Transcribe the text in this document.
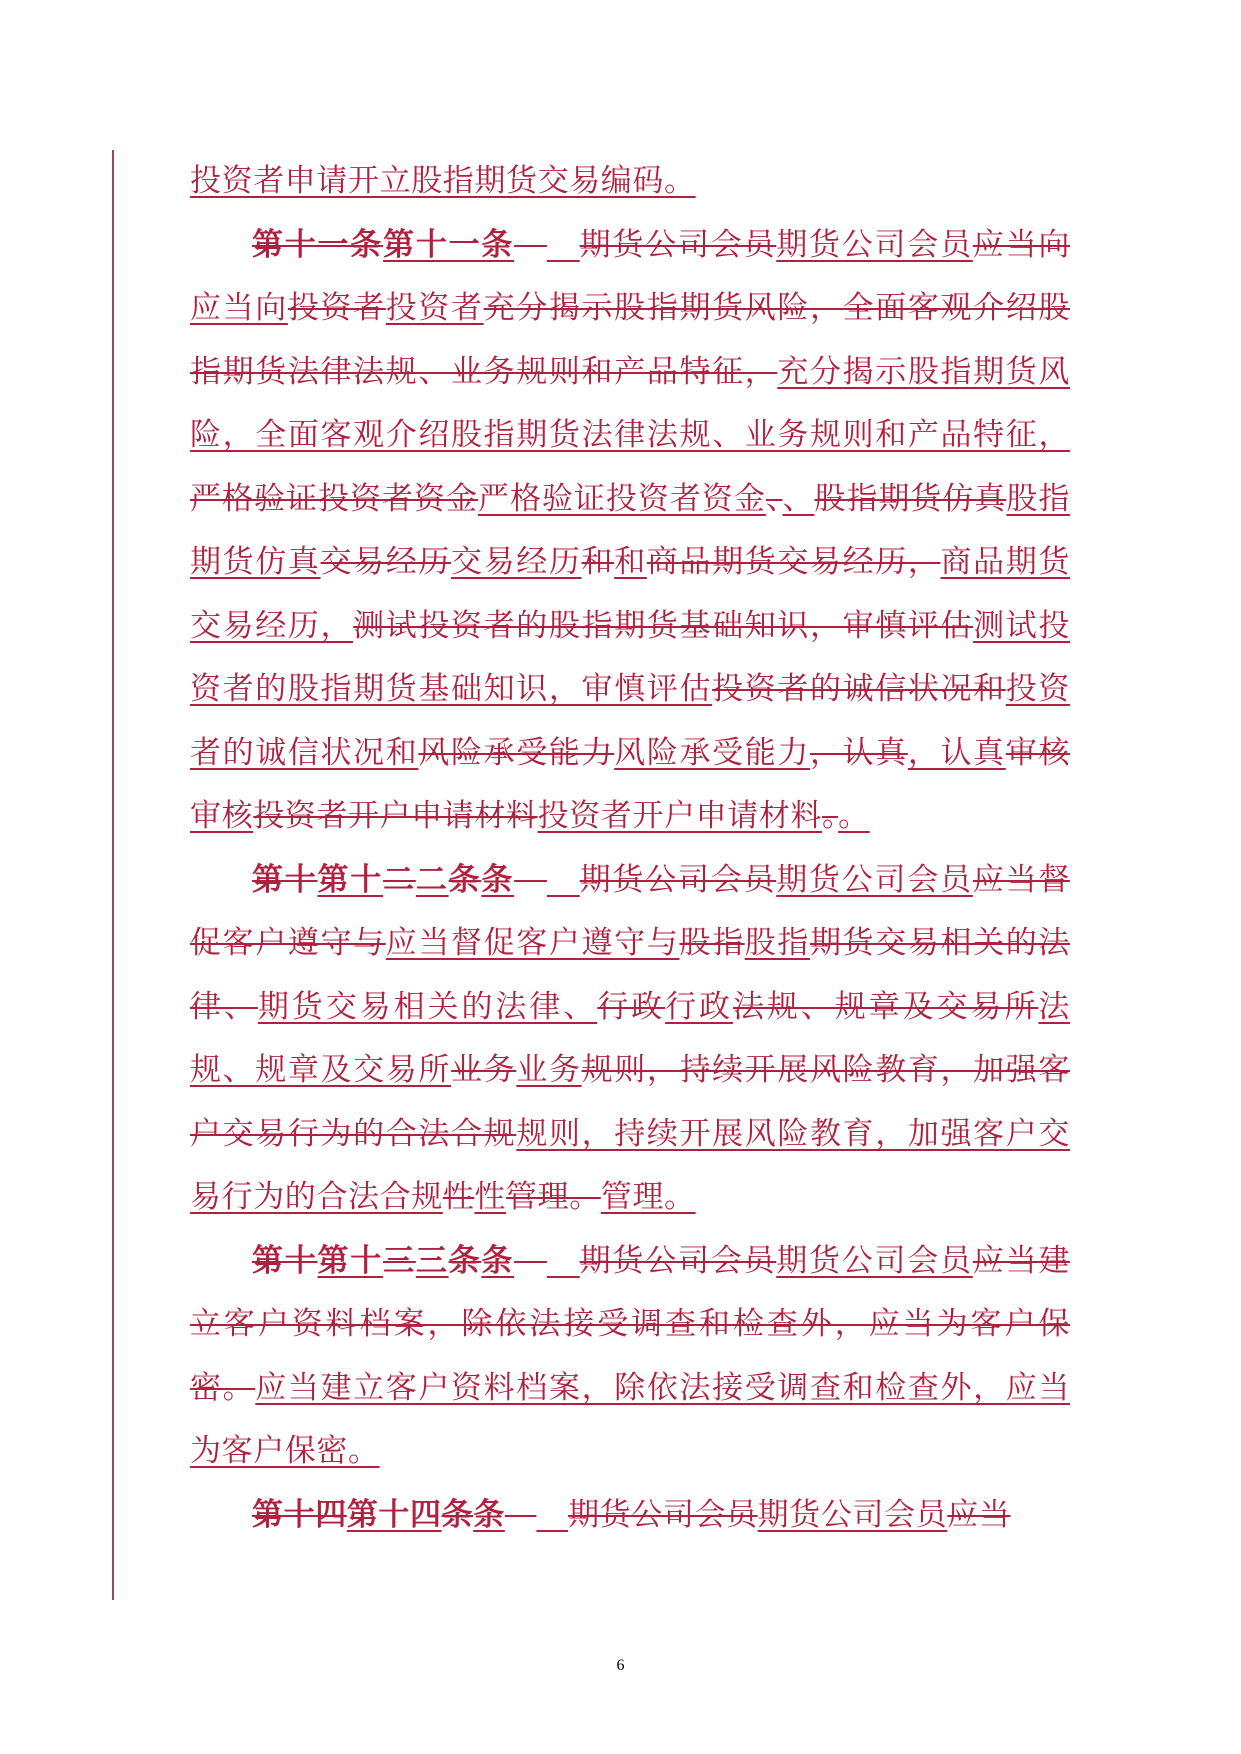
投资者申请开立股指期货交易编码。

第十一条第十一条　　 期货公司会员期货公司会员应当向应当向投资者投资者充分揭示股指期货风险，全面客观介绍股指期货法律法规、业务规则和产品特征，充分揭示股指期货风险，全面客观介绍股指期货法律法规、业务规则和产品特征，严格验证投资者资金严格验证投资者资金、、股指期货仿真股指期货仿真交易经历交易经历和和商品期货交易经历，商品期货交易经历，测试投资者的股指期货基础知识，审慎评估测试投资者的股指期货基础知识，审慎评估投资者的诚信状况和投资者的诚信状况和风险承受能力风险承受能力，认真，认真审核审核投资者开户申请材料投资者开户申请材料。。

第十第十二二条条　　 期货公司会员期货公司会员应当督促客户遵守与应当督促客户遵守与股指股指期货交易相关的法律、期货交易相关的法律、行政行政法规、规章及交易所法规、规章及交易所业务业务规则，持续开展风险教育，加强客户交易行为的合法合规规则，持续开展风险教育，加强客户交易行为的合法合规性性管理。管理。

第十第十三三条条　　 期货公司会员期货公司会员应当建立客户资料档案，除依法接受调查和检查外，应当为客户保密。应当建立客户资料档案，除依法接受调查和检查外，应当为客户保密。

第十四第十四条条　　 期货公司会员期货公司会员应当

6
